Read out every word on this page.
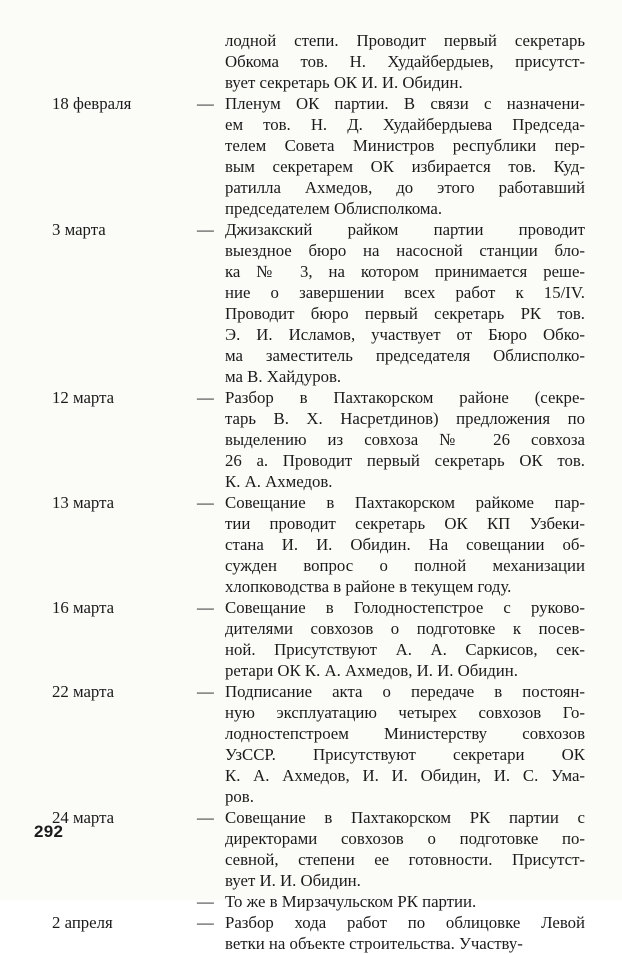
лодной степи. Проводит первый секретарь
Обкома тов. Н. Худайбердыев, присутст-
вует секретарь ОК И. И. Обидин.
18 февраля	— Пленум ОК партии. В связи с назначени-
ем тов. Н. Д. Худайбердыева Председа-
телем Совета Министров республики пер-
вым секретарем ОК избирается тов. Куд-
ратилла Ахмедов, до этого работавший
председателем Облисполкома.
3 марта	— Джизакский райком партии проводит
выездное бюро на насосной станции бло-
ка № 3, на котором принимается реше-
ние о завершении всех работ к 15/IV.
Проводит бюро первый секретарь РК тов.
Э. И. Исламов, участвует от Бюро Обко-
ма заместитель председателя Облисполко-
ма В. Хайдуров.
12 марта	— Разбор в Пахтакорском районе (секре-
тарь В. Х. Насретдинов) предложения по
выделению из совхоза № 26 совхоза
26 а. Проводит первый секретарь ОК тов.
К. А. Ахмедов.
13 марта	— Совещание в Пахтакорском райкоме пар-
тии проводит секретарь ОК КП Узбеки-
стана И. И. Обидин. На совещании об-
сужден вопрос о полной механизации
хлопководства в районе в текущем году.
16 марта	— Совещание в Голодностепстрое с руково-
дителями совхозов о подготовке к посев-
ной. Присутствуют А. А. Саркисов, сек-
ретари ОК К. А. Ахмедов, И. И. Обидин.
22 марта	— Подписание акта о передаче в постоян-
ную эксплуатацию четырех совхозов Го-
лодностепстроем Министерству совхозов
УзССР. Присутствуют секретари ОК
К. А. Ахмедов, И. И. Обидин, И. С. Ума-
ров.
24 марта	— Совещание в Пахтакорском РК партии с
директорами совхозов о подготовке по-
севной, степени ее готовности. Присутст-
вует И. И. Обидин.
— То же в Мирзачульском РК партии.
2 апреля	— Разбор хода работ по облицовке Левой
ветки на объекте строительства. Участву-
292
